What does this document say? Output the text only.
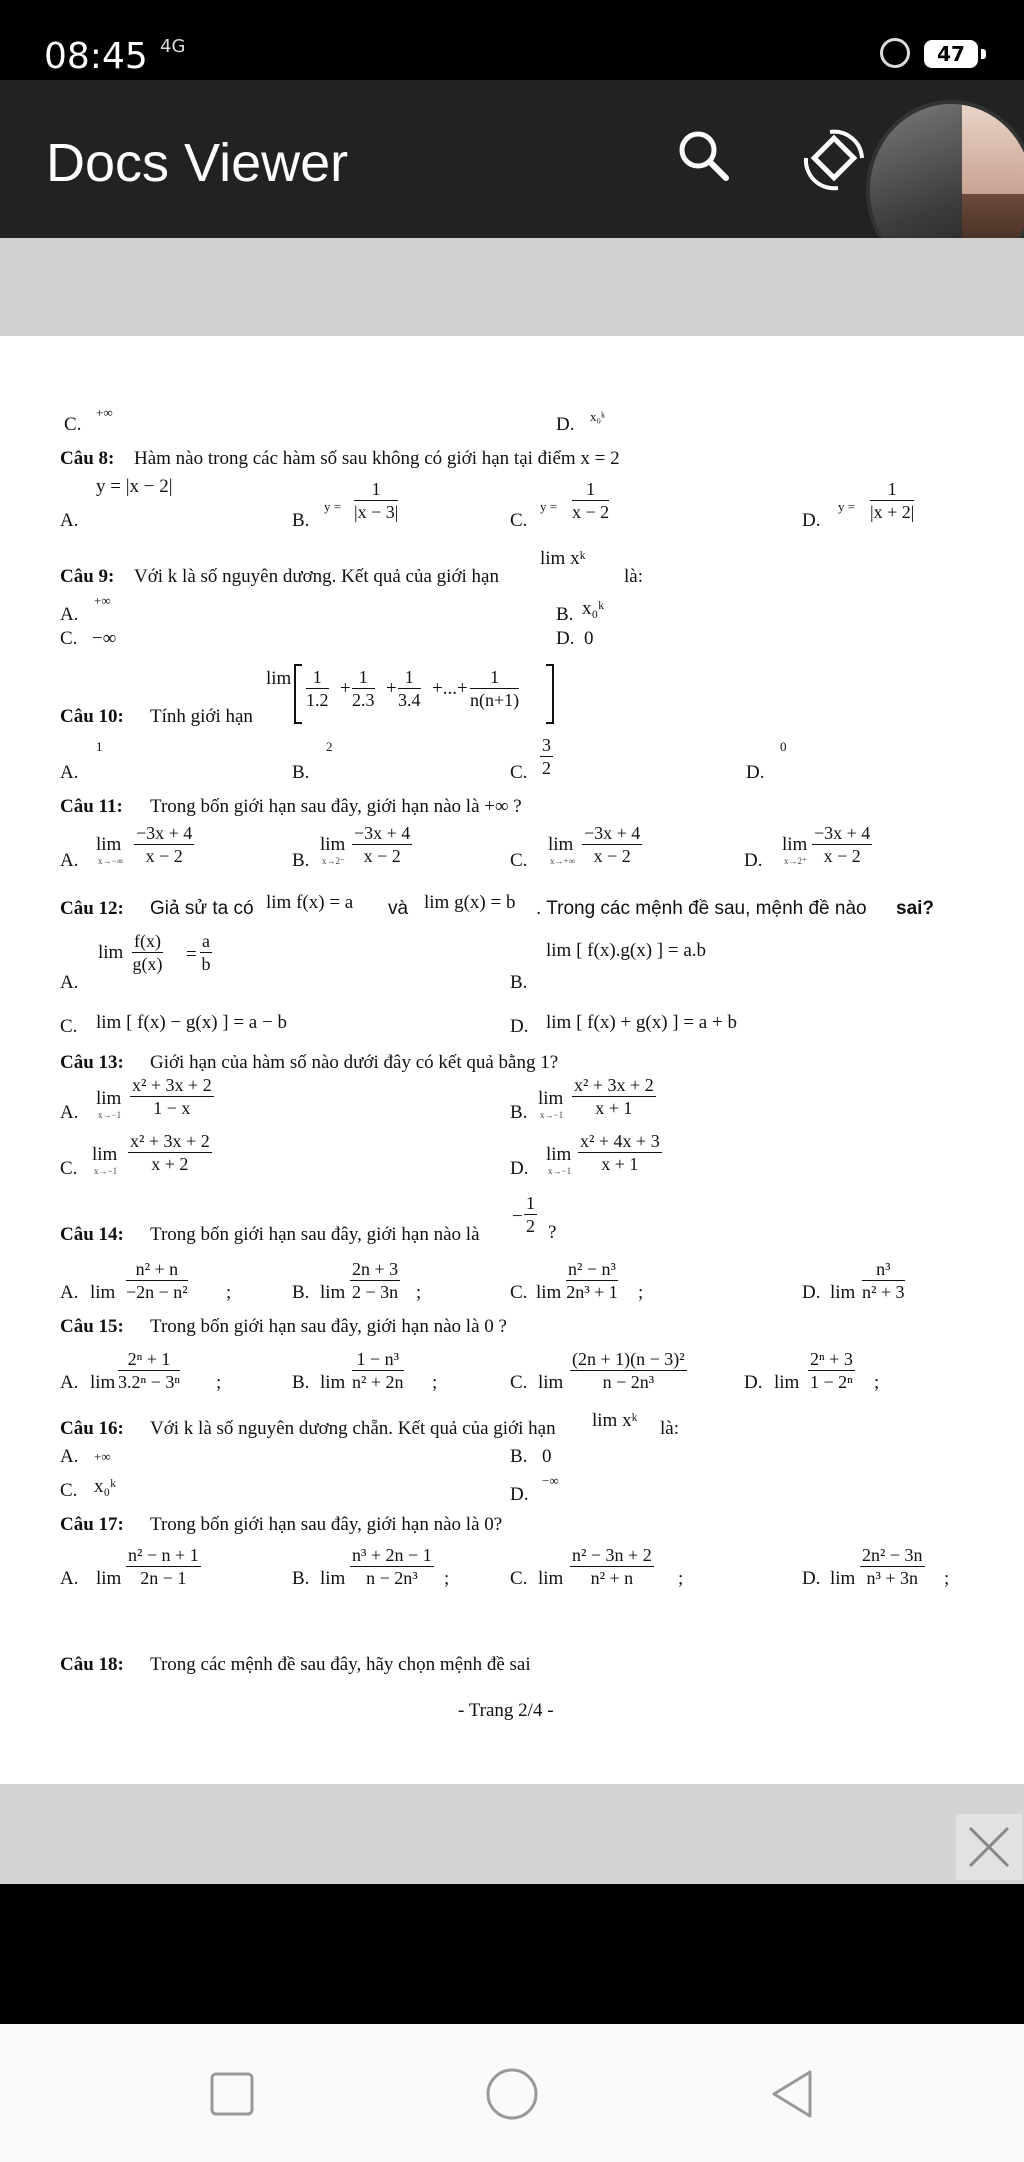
08:45 4G	47
Docs Viewer
C.
+∞
D. x₀ᵏ
Câu 8: Hàm nào trong các hàm số sau không có giới hạn tại điểm x = 2
A.
y = |x − 2|
B.
$y = \frac{1}{|x - 3|}$	C.
$y = \frac{1}{x - 2}$	D.
$y = \frac{1}{|x + 2|}$
Câu 9: Với k là số nguyên dương. Kết quả của giới hạn
lim xᵏ
là:
A.
+∞
B. x₀ᵏ
C. −∞	D. 0
Câu 10: Tính giới hạn
$\lim \frac{1}{1.2} + \frac{1}{2.3} + \frac{1}{3.4}$ +...+ $\frac{1}{n(n+1)}$
A.
1
B.
2
C. $\frac{3}{2}$	D.
0
Câu 11: Trong bốn giới hạn sau đây, giới hạn nào là +∞ ?
A.
lim
$x\to-\infty \frac{-3x + 4}{x - 2}$	B.
lim
$x\to 2^- \frac{-3x + 4}{x - 2}$	C.
lim
$x\to+\infty \frac{-3x + 4}{x - 2}$	D.
lim
$x\to 2^+ \frac{-3x + 4}{x - 2}$
Câu 12: Giả sử ta có lim f(x) = a và lim g(x) = b . Trong các mệnh đề sau, mệnh đề nào sai?
A.
$\lim \frac{f(x)}{g(x)} = \frac{a}{b}$
B.
lim [ f(x).g(x) ] = a.b
C. lim [ f(x) − g(x) ] = a − b	D. lim [ f(x) + g(x) ] = a + b
Câu 13: Giới hạn của hàm số nào dưới đây có kết quả bằng 1?
A.
lim
$x\to-1 \frac{\text{x² + 3x + 2}}{1 - x}$	B.
lim
$x\to-1 \frac{\text{x² + 3x + 2}}{x + 1}$
C.
lim
$x\to-1 \frac{\text{x² + 3x + 2}}{x + 2}$	D.
lim
$x\to-1 \frac{\text{x² + 4x + 3}}{x + 1}$
Câu 14: Trong bốn giới hạn sau đây, giới hạn nào là
− $\frac{1}{2}$ ?
A. $\lim \frac{\text{n² + n}}{\text{−2n − n²}}$ ;	B. $\lim \frac{2n + 3}{2 - 3n}$ ;	C. $\lim \frac{\text{n² − n³}}{\text{2n³ + 1}}$ ;	D. $\lim \frac{\text{n³}}{\text{n² + 3}}$
Câu 15: Trong bốn giới hạn sau đây, giới hạn nào là 0 ?
A. $\lim \frac{\text{2ⁿ + 1}}{\text{3.2ⁿ − 3ⁿ}}$ ;	B. $\lim \frac{\text{1 − n³}}{\text{n² + 2n}}$ ;	C. $\lim \frac{\text{(2n + 1)(n − 3)²}}{\text{n − 2n³}}$	D. $\lim \frac{\text{2ⁿ + 3}}{\text{1 − 2ⁿ}}$ ;
Câu 16: Với k là số nguyên dương chẵn. Kết quả của giới hạn lim xᵏ là:
A. +∞	B. 0
C. x₀ᵏ	D.
−∞
Câu 17: Trong bốn giới hạn sau đây, giới hạn nào là 0?
A. $\lim \frac{\text{n² − n + 1}}{2n - 1}$	B. $\lim \frac{\text{n³ + 2n − 1}}{\text{n − 2n³}}$ ;	C. $\lim \frac{\text{n² − 3n + 2}}{\text{n² + n}}$ ;	D. $\lim \frac{\text{2n² − 3n}}{\text{n³ + 3n}}$ ;
Câu 18: Trong các mệnh đề sau đây, hãy chọn mệnh đề sai
- Trang 2/4 -
